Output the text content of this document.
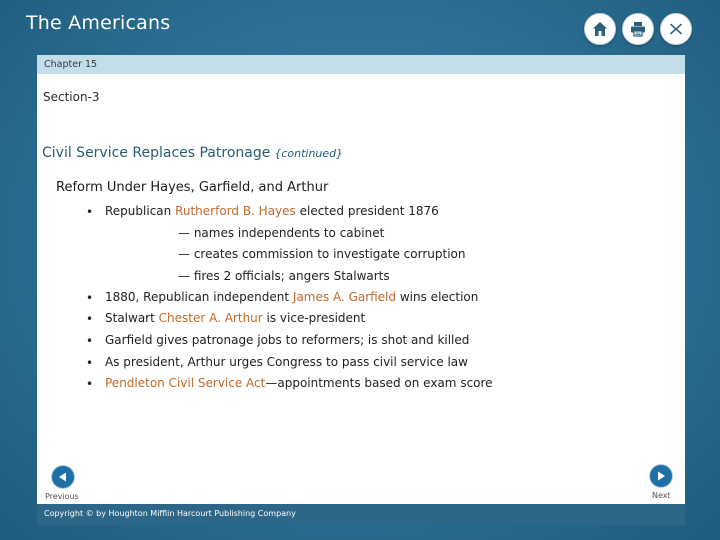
The Americans
Chapter 15
Section-3
Civil Service Replaces Patronage {continued}
Reform Under Hayes, Garfield, and Arthur
• Republican Rutherford B. Hayes elected president 1876
— names independents to cabinet
— creates commission to investigate corruption
— fires 2 officials; angers Stalwarts
• 1880, Republican independent James A. Garfield wins election
• Stalwart Chester A. Arthur is vice-president
• Garfield gives patronage jobs to reformers; is shot and killed
• As president, Arthur urges Congress to pass civil service law
• Pendleton Civil Service Act—appointments based on exam score
Previous	Next
Copyright © by Houghton Mifflin Harcourt Publishing Company
